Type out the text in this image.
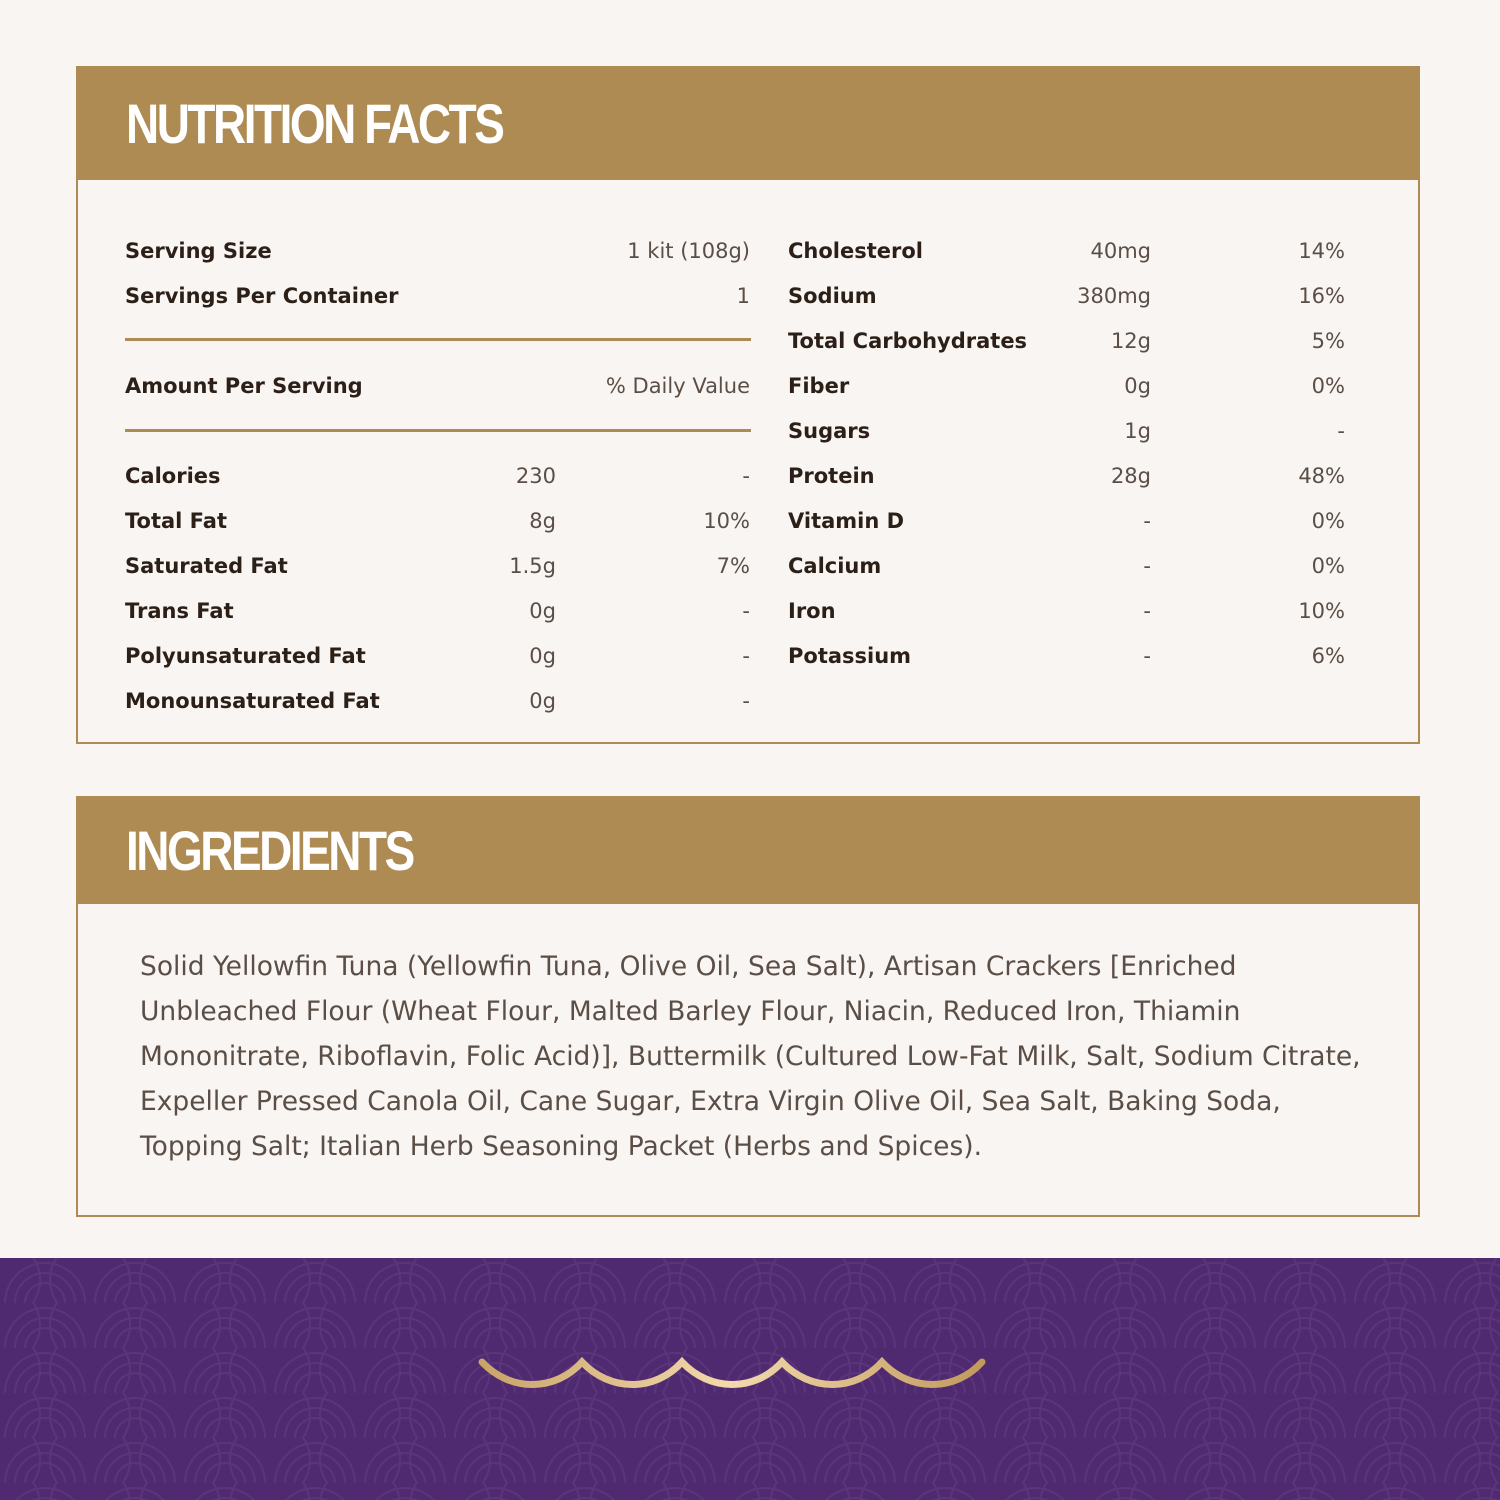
NUTRITION FACTS
Serving Size	1 kit (108g)
Servings Per Container	1
Amount Per Serving	% Daily Value
Calories	230	-
Total Fat	8g	10%
Saturated Fat	1.5g	7%
Trans Fat	0g	-
Polyunsaturated Fat	0g	-
Monounsaturated Fat	0g	-
Cholesterol	40mg	14%
Sodium	380mg	16%
Total Carbohydrates	12g	5%
Fiber	0g	0%
Sugars	1g	-
Protein	28g	48%
Vitamin D	-	0%
Calcium	-	0%
Iron	-	10%
Potassium	-	6%
INGREDIENTS
Solid Yellowfin Tuna (Yellowfin Tuna, Olive Oil, Sea Salt), Artisan Crackers [Enriched Unbleached Flour (Wheat Flour, Malted Barley Flour, Niacin, Reduced Iron, Thiamin Mononitrate, Riboflavin, Folic Acid)], Buttermilk (Cultured Low-Fat Milk, Salt, Sodium Citrate, Expeller Pressed Canola Oil, Cane Sugar, Extra Virgin Olive Oil, Sea Salt, Baking Soda, Topping Salt; Italian Herb Seasoning Packet (Herbs and Spices).
